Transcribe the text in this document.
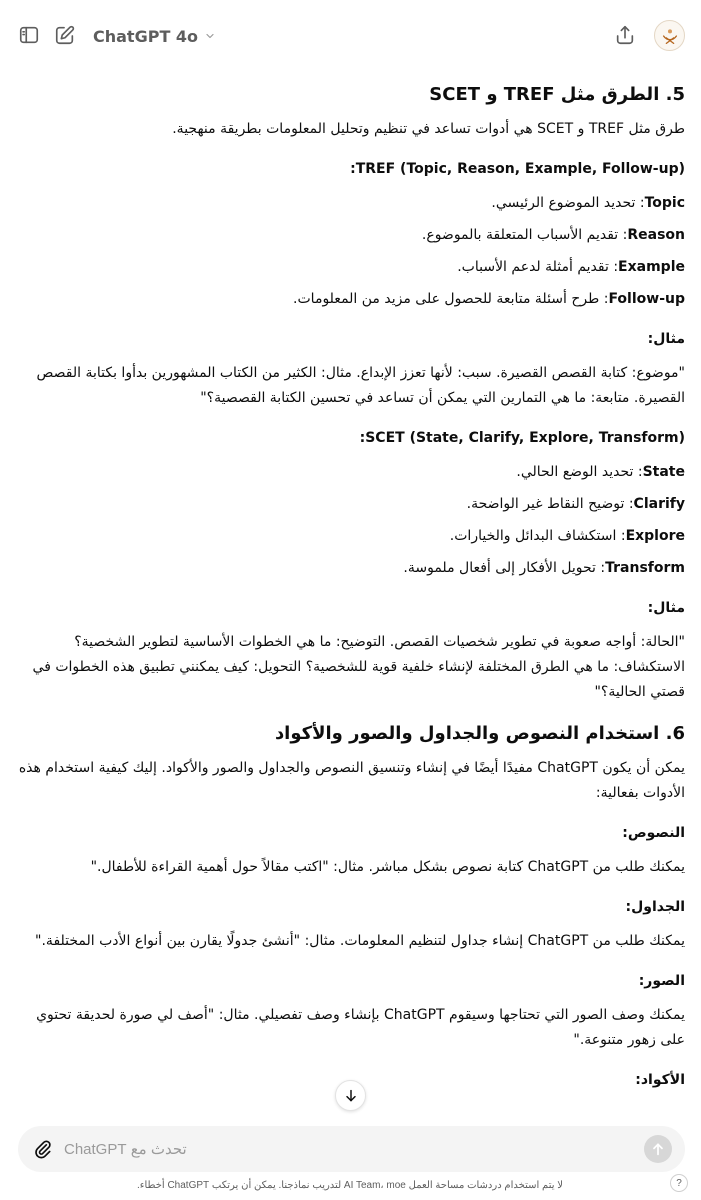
ChatGPT 4o
5. الطرق مثل TREF و SCET
طرق مثل TREF و SCET هي أدوات تساعد في تنظيم وتحليل المعلومات بطريقة منهجية.
TREF (Topic, Reason, Example, Follow-up):
Topic: تحديد الموضوع الرئيسي.
Reason: تقديم الأسباب المتعلقة بالموضوع.
Example: تقديم أمثلة لدعم الأسباب.
Follow-up: طرح أسئلة متابعة للحصول على مزيد من المعلومات.
مثال:
"موضوع: كتابة القصص القصيرة. سبب: لأنها تعزز الإبداع. مثال: الكثير من الكتاب المشهورين بدأوا بكتابة القصص القصيرة. متابعة: ما هي التمارين التي يمكن أن تساعد في تحسين الكتابة القصصية؟"
SCET (State, Clarify, Explore, Transform):
State: تحديد الوضع الحالي.
Clarify: توضيح النقاط غير الواضحة.
Explore: استكشاف البدائل والخيارات.
Transform: تحويل الأفكار إلى أفعال ملموسة.
مثال:
"الحالة: أواجه صعوبة في تطوير شخصيات القصص. التوضيح: ما هي الخطوات الأساسية لتطوير الشخصية؟ الاستكشاف: ما هي الطرق المختلفة لإنشاء خلفية قوية للشخصية؟ التحويل: كيف يمكنني تطبيق هذه الخطوات في قصتي الحالية؟"
6. استخدام النصوص والجداول والصور والأكواد
يمكن أن يكون ChatGPT مفيدًا أيضًا في إنشاء وتنسيق النصوص والجداول والصور والأكواد. إليك كيفية استخدام هذه الأدوات بفعالية:
النصوص:
يمكنك طلب من ChatGPT كتابة نصوص بشكل مباشر. مثال: "اكتب مقالاً حول أهمية القراءة للأطفال."
الجداول:
يمكنك طلب من ChatGPT إنشاء جداول لتنظيم المعلومات. مثال: "أنشئ جدولًا يقارن بين أنواع الأدب المختلفة."
الصور:
يمكنك وصف الصور التي تحتاجها وسيقوم ChatGPT بإنشاء وصف تفصيلي. مثال: "أصف لي صورة لحديقة تحتوي على زهور متنوعة."
الأكواد:
تحدث مع ChatGPT
لا يتم استخدام دردشات مساحة العمل AI Team، moe لتدريب نماذجنا. يمكن أن يرتكب ChatGPT أخطاء.	?
